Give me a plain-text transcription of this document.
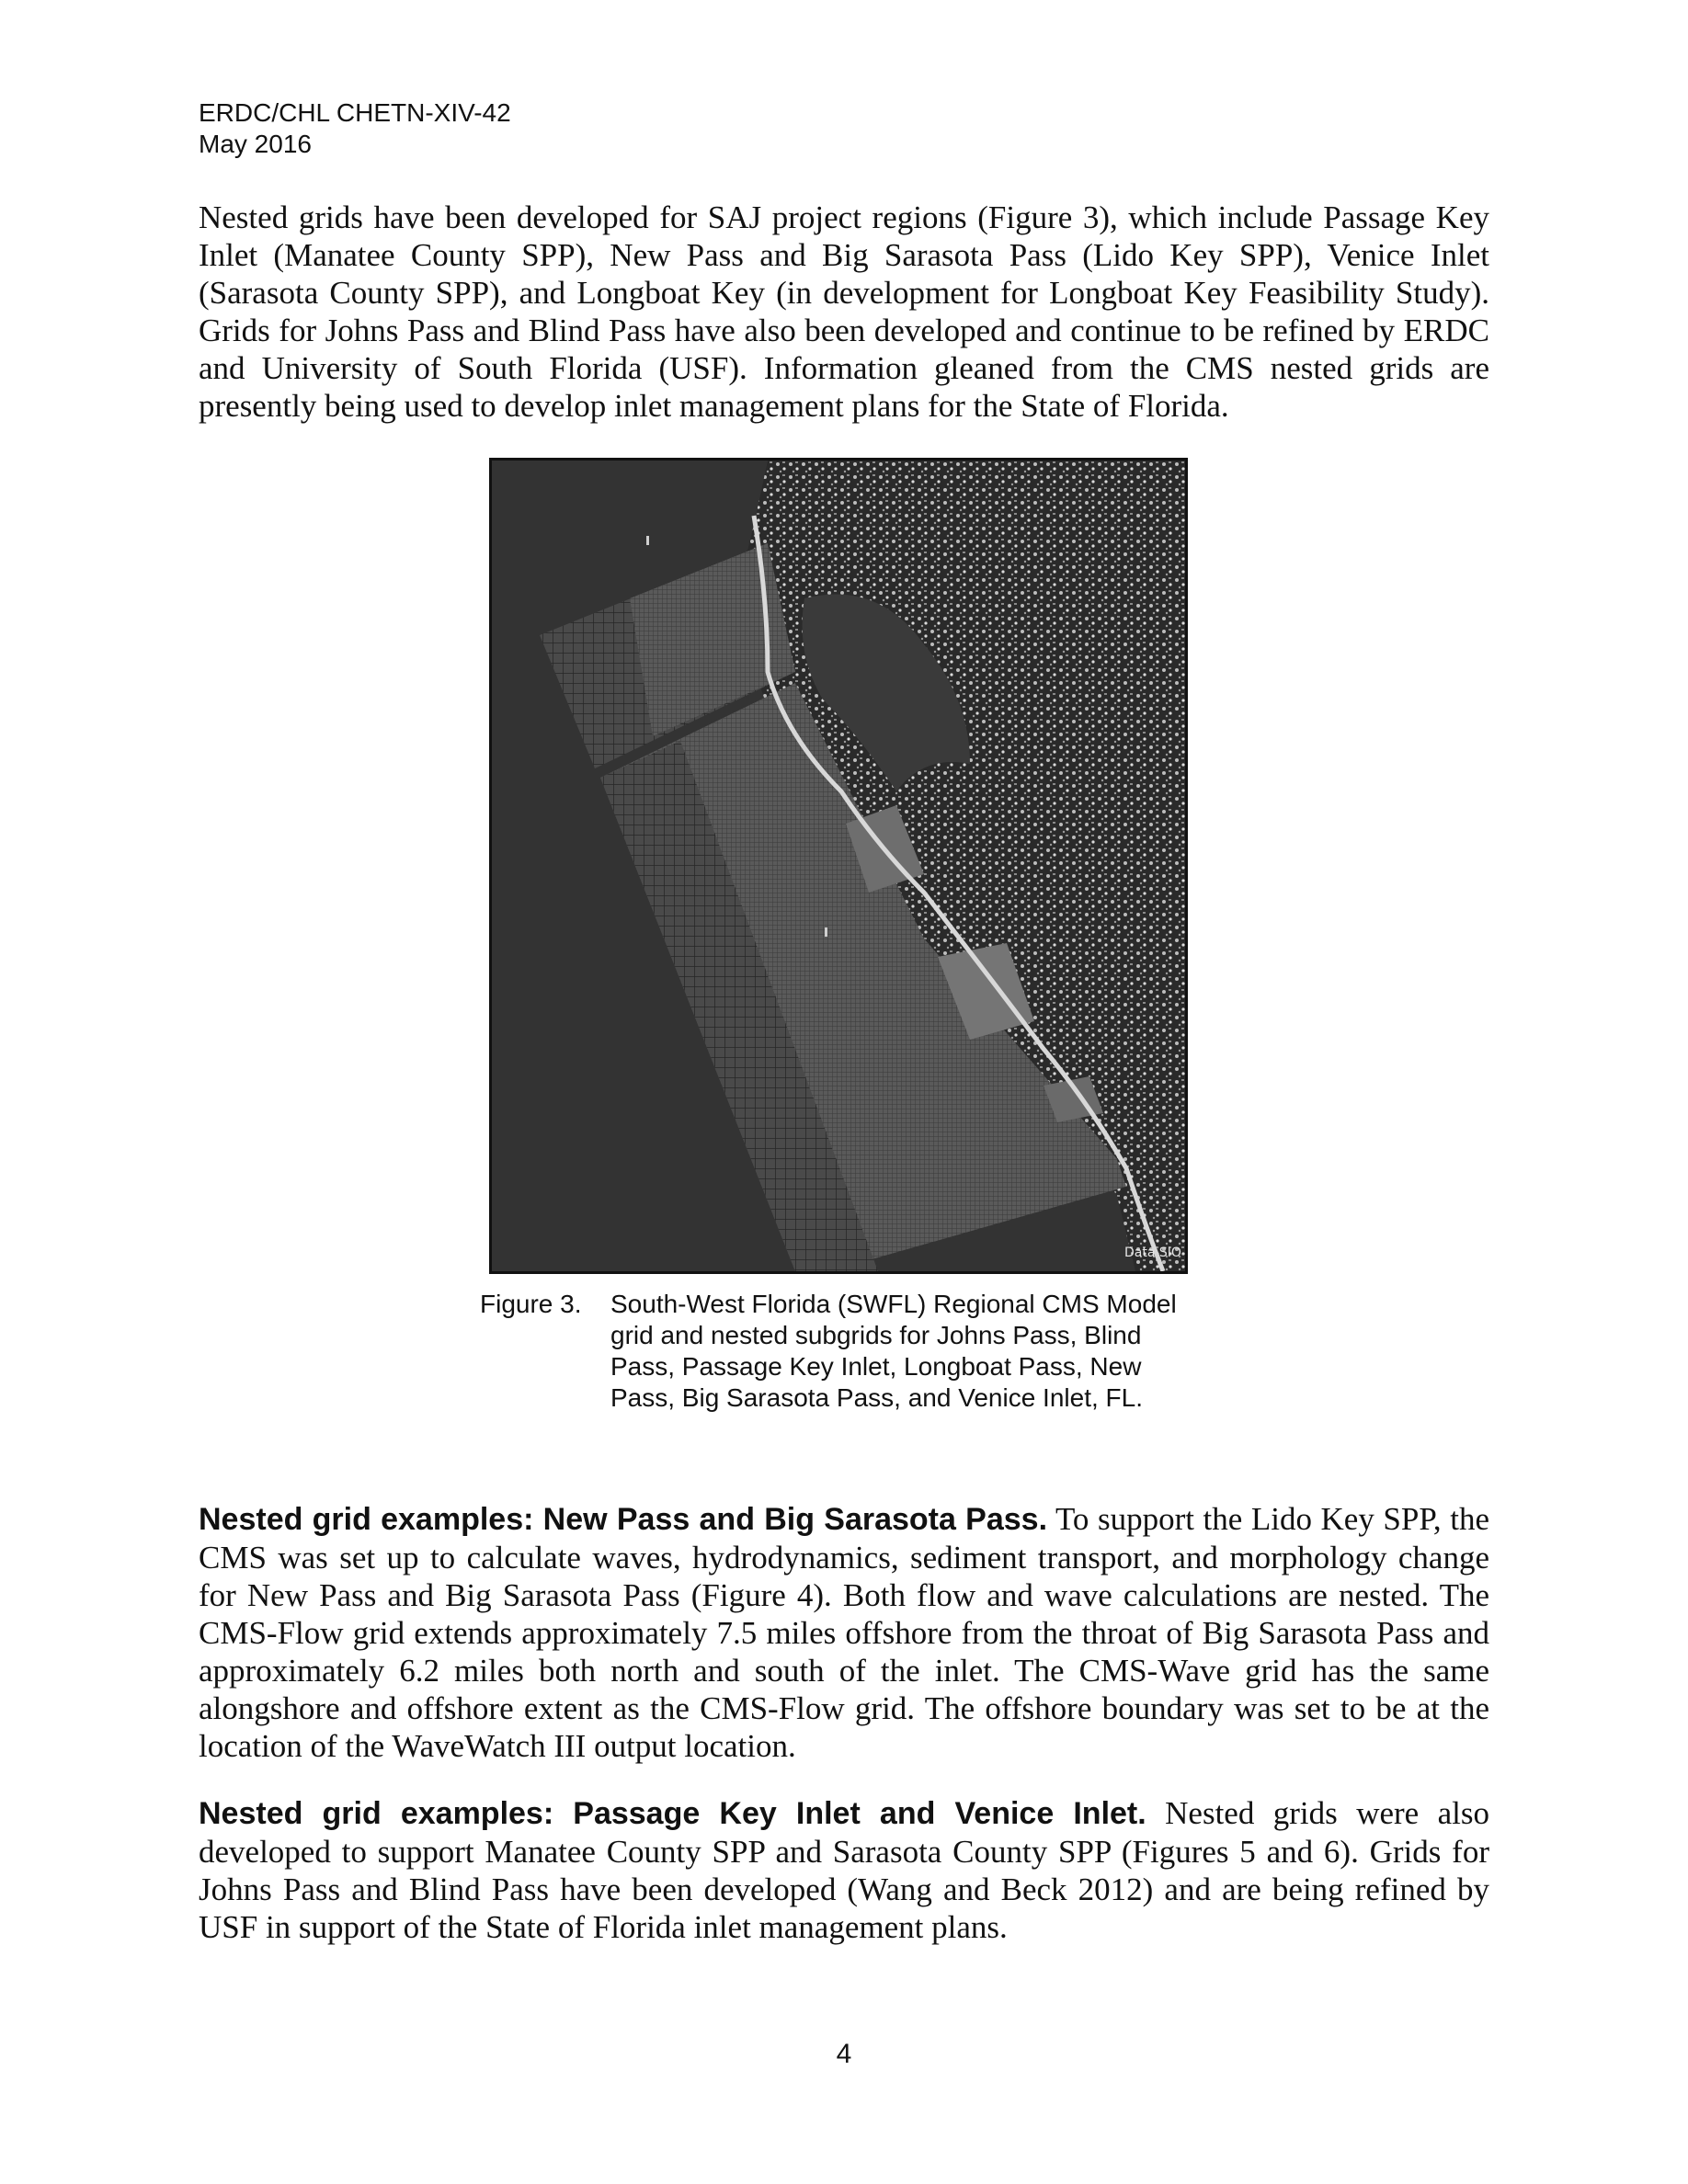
ERDC/CHL CHETN-XIV-42
May 2016

Nested grids have been developed for SAJ project regions (Figure 3), which include Passage Key Inlet (Manatee County SPP), New Pass and Big Sarasota Pass (Lido Key SPP), Venice Inlet (Sarasota County SPP), and Longboat Key (in development for Longboat Key Feasibility Study). Grids for Johns Pass and Blind Pass have also been developed and continue to be refined by ERDC and University of South Florida (USF). Information gleaned from the CMS nested grids are presently being used to develop inlet management plans for the State of Florida.

Data SIO
Figure 3. South-West Florida (SWFL) Regional CMS Model grid and nested subgrids for Johns Pass, Blind Pass, Passage Key Inlet, Longboat Pass, New Pass, Big Sarasota Pass, and Venice Inlet, FL.

Nested grid examples: New Pass and Big Sarasota Pass. To support the Lido Key SPP, the CMS was set up to calculate waves, hydrodynamics, sediment transport, and morphology change for New Pass and Big Sarasota Pass (Figure 4). Both flow and wave calculations are nested. The CMS-Flow grid extends approximately 7.5 miles offshore from the throat of Big Sarasota Pass and approximately 6.2 miles both north and south of the inlet. The CMS-Wave grid has the same alongshore and offshore extent as the CMS-Flow grid. The offshore boundary was set to be at the location of the WaveWatch III output location.

Nested grid examples: Passage Key Inlet and Venice Inlet. Nested grids were also developed to support Manatee County SPP and Sarasota County SPP (Figures 5 and 6). Grids for Johns Pass and Blind Pass have been developed (Wang and Beck 2012) and are being refined by USF in support of the State of Florida inlet management plans.

4
